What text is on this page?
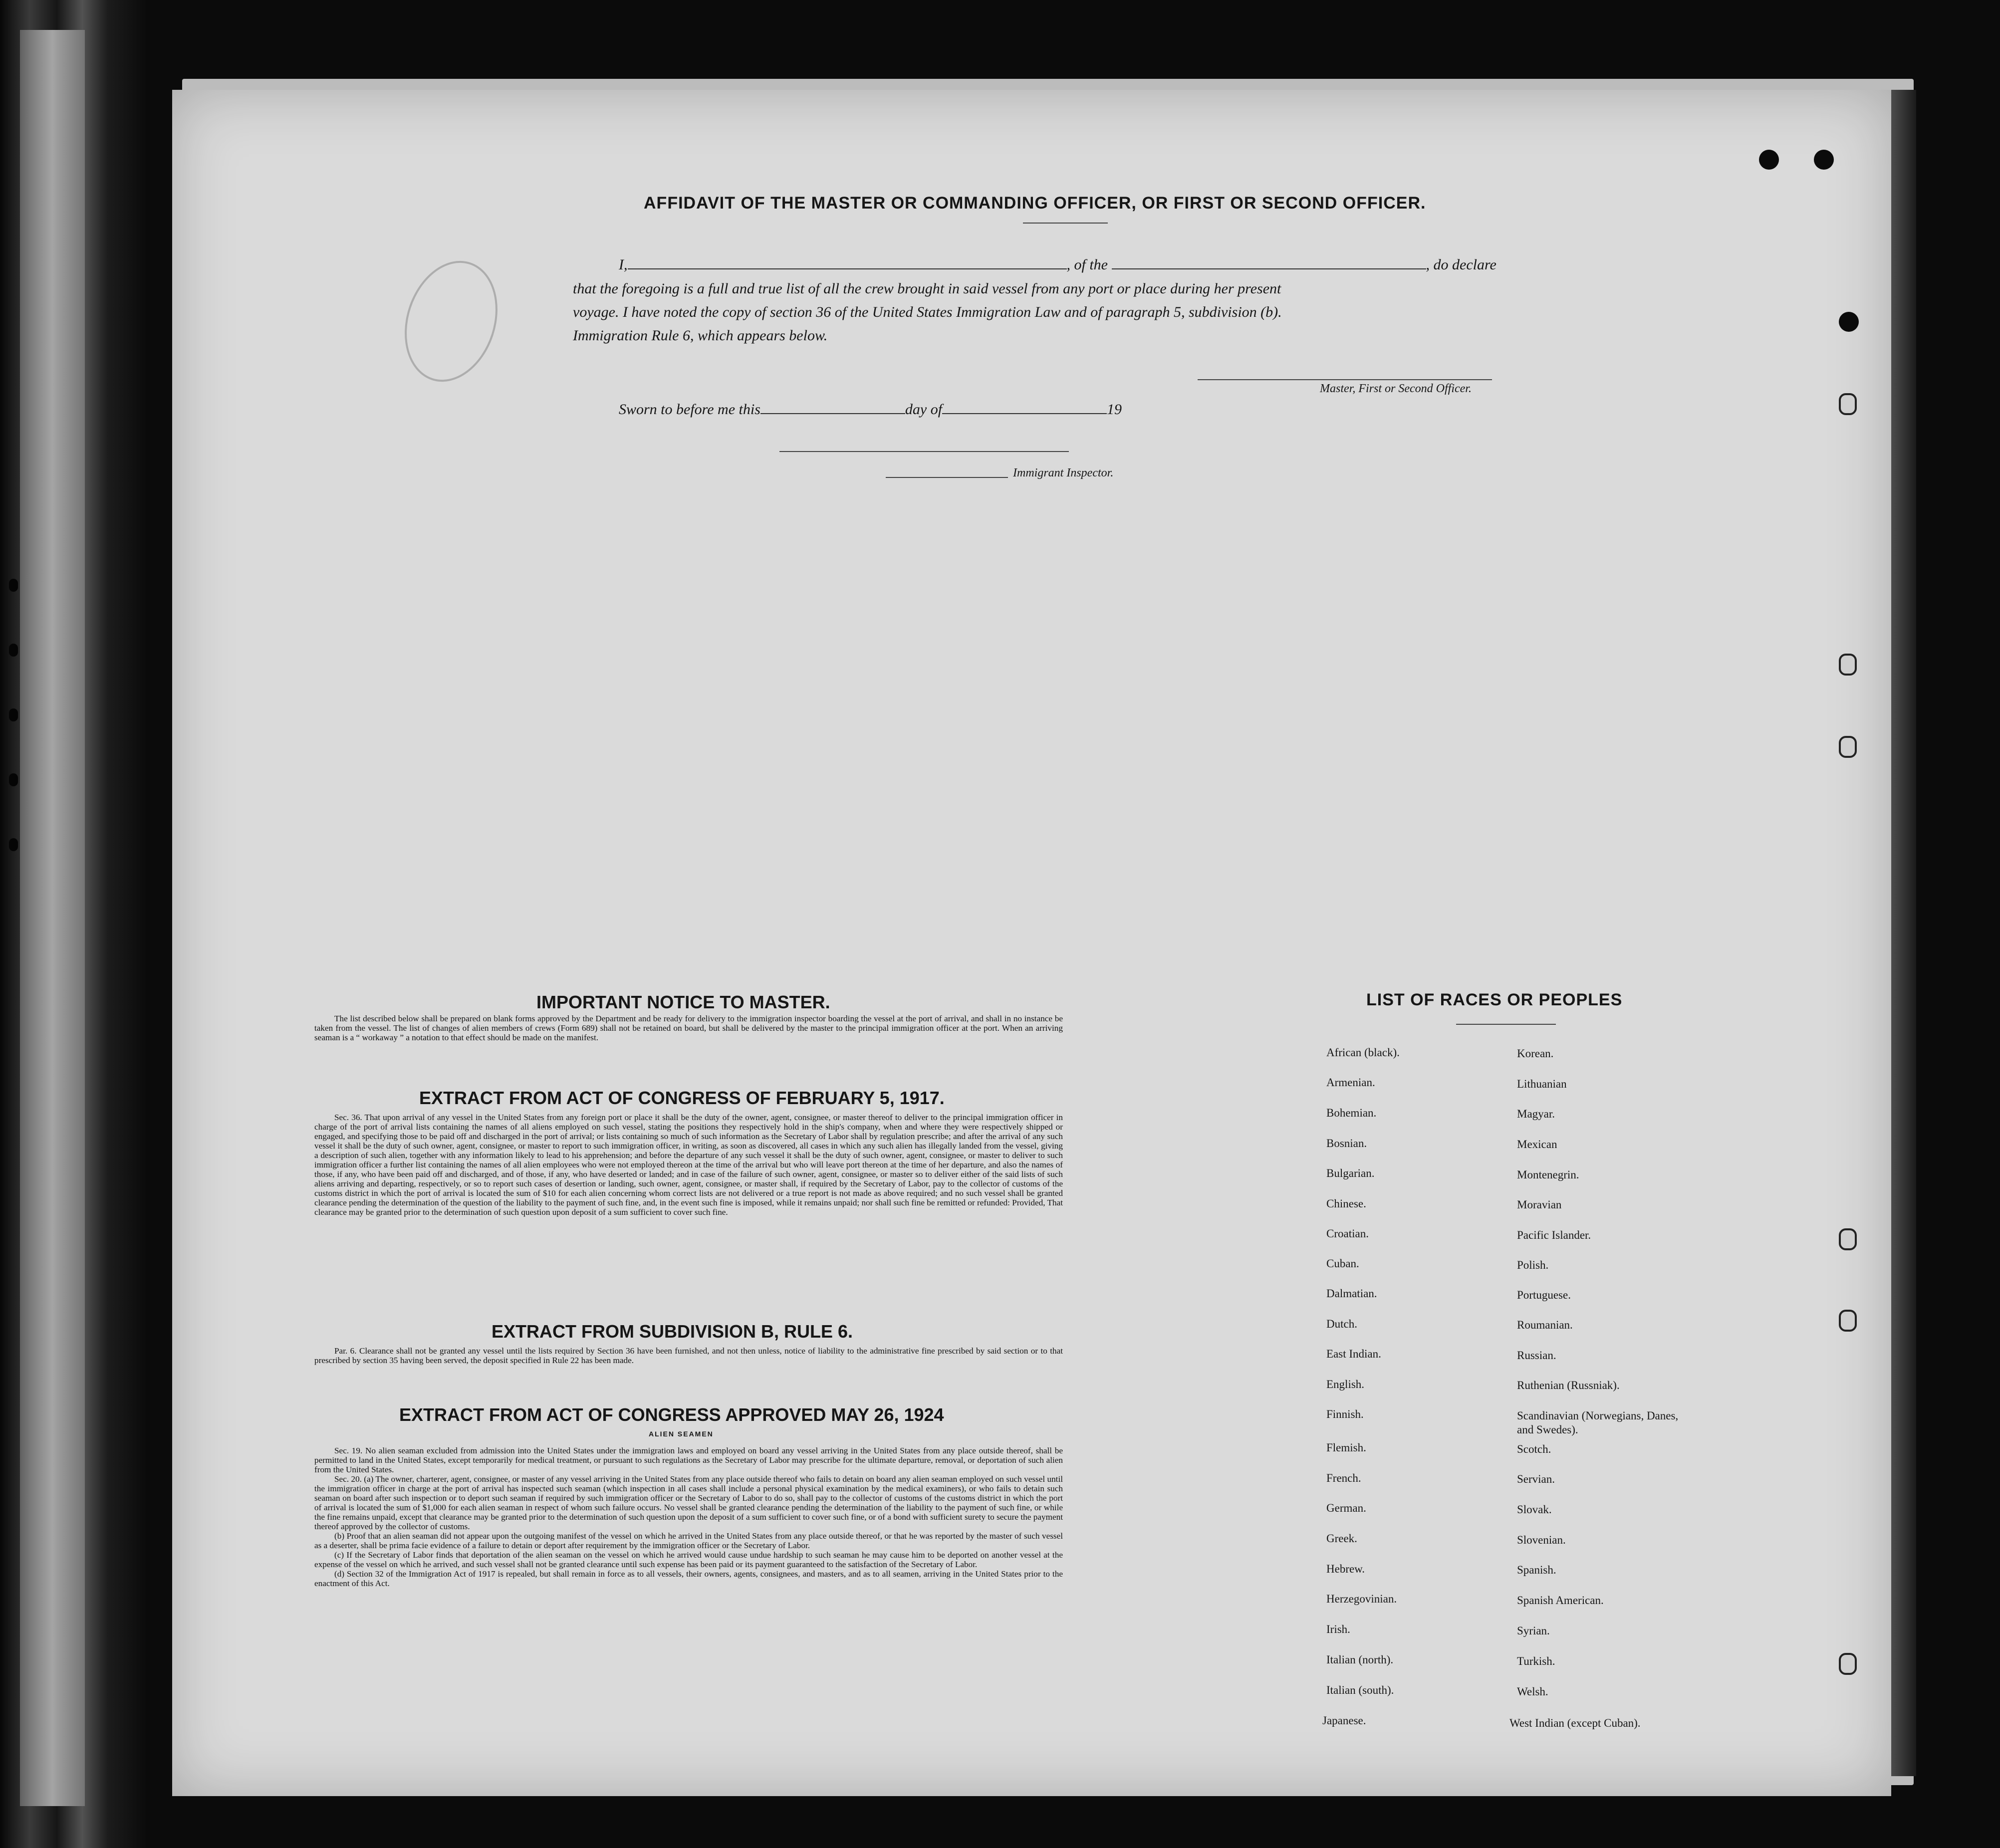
AFFIDAVIT OF THE MASTER OR COMMANDING OFFICER, OR FIRST OR SECOND OFFICER.
I,	, of the	, do declare
that the foregoing is a full and true list of all the crew brought in said vessel from any port or place during her present
voyage. I have noted the copy of section 36 of the United States Immigration Law and of paragraph 5, subdivision (b).
Immigration Rule 6, which appears below.
Master, First or Second Officer.
Sworn to before me this	day of	19
Immigrant Inspector.
IMPORTANT NOTICE TO MASTER.

The list described below shall be prepared on blank forms approved by the Department and be ready for delivery to the immigration inspector boarding the vessel at the port of arrival, and shall in no instance be taken from the vessel. The list of changes of alien members of crews (Form 689) shall not be retained on board, but shall be delivered by the master to the principal immigration officer at the port. When an arriving seaman is a “ workaway ” a notation to that effect should be made on the manifest.

EXTRACT FROM ACT OF CONGRESS OF FEBRUARY 5, 1917.

Sec. 36. That upon arrival of any vessel in the United States from any foreign port or place it shall be the duty of the owner, agent, consignee, or master thereof to deliver to the principal immigration officer in charge of the port of arrival lists containing the names of all aliens employed on such vessel, stating the positions they respectively hold in the ship's company, when and where they were respectively shipped or engaged, and specifying those to be paid off and discharged in the port of arrival; or lists containing so much of such information as the Secretary of Labor shall by regulation prescribe; and after the arrival of any such vessel it shall be the duty of such owner, agent, consignee, or master to report to such immigration officer, in writing, as soon as discovered, all cases in which any such alien has illegally landed from the vessel, giving a description of such alien, together with any information likely to lead to his apprehension; and before the departure of any such vessel it shall be the duty of such owner, agent, consignee, or master to deliver to such immigration officer a further list containing the names of all alien employees who were not employed thereon at the time of the arrival but who will leave port thereon at the time of her departure, and also the names of those, if any, who have been paid off and discharged, and of those, if any, who have deserted or landed; and in case of the failure of such owner, agent, consignee, or master so to deliver either of the said lists of such aliens arriving and departing, respectively, or so to report such cases of desertion or landing, such owner, agent, consignee, or master shall, if required by the Secretary of Labor, pay to the collector of customs of the customs district in which the port of arrival is located the sum of $10 for each alien concerning whom correct lists are not delivered or a true report is not made as above required; and no such vessel shall be granted clearance pending the determination of the question of the liability to the payment of such fine, and, in the event such fine is imposed, while it remains unpaid; nor shall such fine be remitted or refunded: Provided, That clearance may be granted prior to the determination of such question upon deposit of a sum sufficient to cover such fine.

EXTRACT FROM SUBDIVISION B, RULE 6.

Par. 6. Clearance shall not be granted any vessel until the lists required by Section 36 have been furnished, and not then unless, notice of liability to the administrative fine prescribed by said section or to that prescribed by section 35 having been served, the deposit specified in Rule 22 has been made.

EXTRACT FROM ACT OF CONGRESS APPROVED MAY 26, 1924
ALIEN SEAMEN

Sec. 19. No alien seaman excluded from admission into the United States under the immigration laws and employed on board any vessel arriving in the United States from any place outside thereof, shall be permitted to land in the United States, except temporarily for medical treatment, or pursuant to such regulations as the Secretary of Labor may prescribe for the ultimate departure, removal, or deportation of such alien from the United States.

Sec. 20. (a) The owner, charterer, agent, consignee, or master of any vessel arriving in the United States from any place outside thereof who fails to detain on board any alien seaman employed on such vessel until the immigration officer in charge at the port of arrival has inspected such seaman (which inspection in all cases shall include a personal physical examination by the medical examiners), or who fails to detain such seaman on board after such inspection or to deport such seaman if required by such immigration officer or the Secretary of Labor to do so, shall pay to the collector of customs of the customs district in which the port of arrival is located the sum of $1,000 for each alien seaman in respect of whom such failure occurs. No vessel shall be granted clearance pending the determination of the liability to the payment of such fine, or while the fine remains unpaid, except that clearance may be granted prior to the determination of such question upon the deposit of a sum sufficient to cover such fine, or of a bond with sufficient surety to secure the payment thereof approved by the collector of customs.

(b) Proof that an alien seaman did not appear upon the outgoing manifest of the vessel on which he arrived in the United States from any place outside thereof, or that he was reported by the master of such vessel as a deserter, shall be prima facie evidence of a failure to detain or deport after requirement by the immigration officer or the Secretary of Labor.

(c) If the Secretary of Labor finds that deportation of the alien seaman on the vessel on which he arrived would cause undue hardship to such seaman he may cause him to be deported on another vessel at the expense of the vessel on which he arrived, and such vessel shall not be granted clearance until such expense has been paid or its payment guaranteed to the satisfaction of the Secretary of Labor.

(d) Section 32 of the Immigration Act of 1917 is repealed, but shall remain in force as to all vessels, their owners, agents, consignees, and masters, and as to all seamen, arriving in the United States prior to the enactment of this Act.

LIST OF RACES OR PEOPLES
African (black).
Armenian.
Bohemian.
Bosnian.
Bulgarian.
Chinese.
Croatian.
Cuban.
Dalmatian.
Dutch.
East Indian.
English.
Finnish.
Flemish.
French.
German.
Greek.
Hebrew.
Herzegovinian.
Irish.
Italian (north).
Italian (south).
Japanese.
Korean.
Lithuanian
Magyar.
Mexican
Montenegrin.
Moravian
Pacific Islander.
Polish.
Portuguese.
Roumanian.
Russian.
Ruthenian (Russniak).
Scandinavian (Norwegians, Danes, and Swedes).
Scotch.
Servian.
Slovak.
Slovenian.
Spanish.
Spanish American.
Syrian.
Turkish.
Welsh.
West Indian (except Cuban).
